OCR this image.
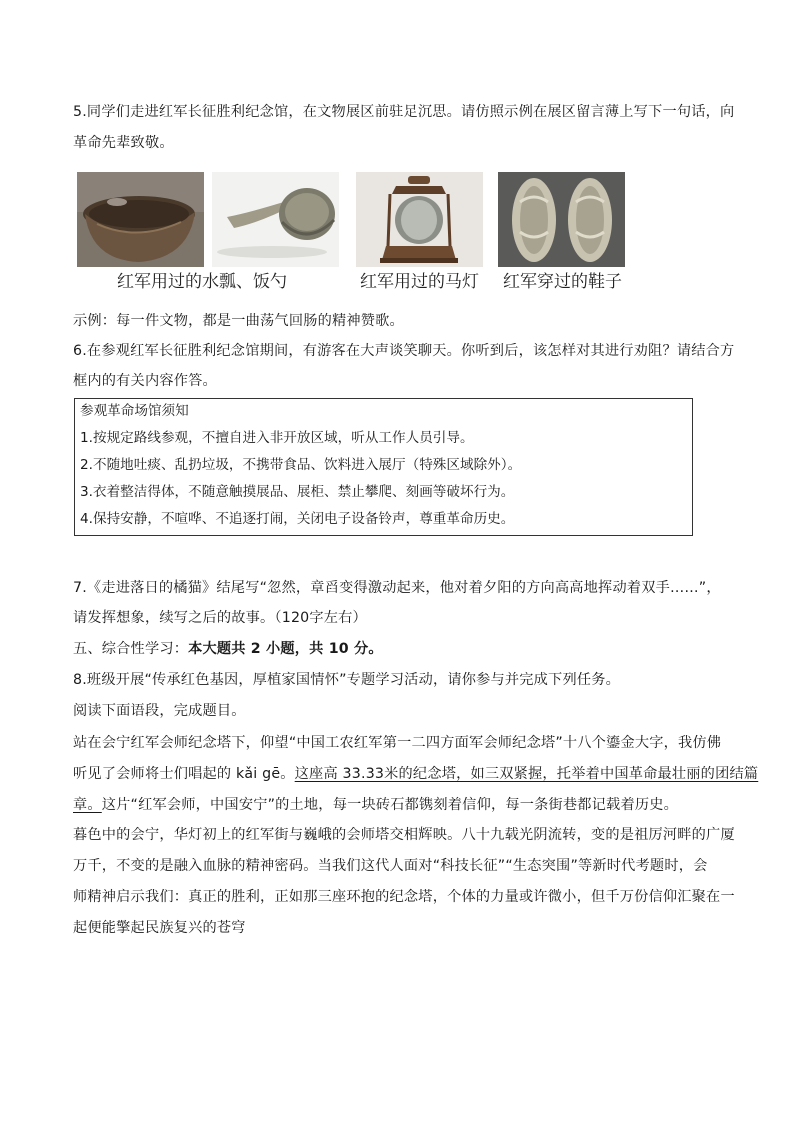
5.同学们走进红军长征胜利纪念馆，在文物展区前驻足沉思。请仿照示例在展区留言薄上写下一句话，向
革命先辈致敬。
红军用过的水瓢、饭勺	红军用过的马灯 红军穿过的鞋子
示例：每一件文物，都是一曲荡气回肠的精神赞歌。
6.在参观红军长征胜利纪念馆期间，有游客在大声谈笑聊天。你听到后，该怎样对其进行劝阻？请结合方
框内的有关内容作答。
参观革命场馆须知
1.按规定路线参观，不擅自进入非开放区域，听从工作人员引导。
2.不随地吐痰、乱扔垃圾，不携带食品、饮料进入展厅（特殊区域除外）。
3.衣着整洁得体，不随意触摸展品、展柜、禁止攀爬、刻画等破坏行为。
4.保持安静，不喧哗、不追逐打闹，关闭电子设备铃声，尊重革命历史。
7.《走进落日的橘猫》结尾写“忽然，章舀变得激动起来，他对着夕阳的方向高高地挥动着双手……”，
请发挥想象，续写之后的故事。（120字左右）
五、综合性学习：本大题共 2 小题，共 10 分。
8.班级开展“传承红色基因，厚植家国情怀”专题学习活动，请你参与并完成下列任务。
阅读下面语段，完成题目。
站在会宁红军会师纪念塔下，仰望“中国工农红军第一二四方面军会师纪念塔”十八个鎏金大字，我仿佛
听见了会师将士们唱起的 kǎi gē。这座高 33.33米的纪念塔，如三双紧握，托举着中国革命最壮丽的团结篇
章。这片“红军会师，中国安宁”的土地，每一块砖石都镌刻着信仰，每一条街巷都记载着历史。
暮色中的会宁，华灯初上的红军街与巍峨的会师塔交相辉映。八十九载光阴流转，变的是祖厉河畔的广厦
万千，不变的是融入血脉的精神密码。当我们这代人面对“科技长征”“生态突围”等新时代考题时，会
师精神启示我们：真正的胜利，正如那三座环抱的纪念塔，个体的力量或许微小，但千万份信仰汇聚在一
起便能擎起民族复兴的苍穹
